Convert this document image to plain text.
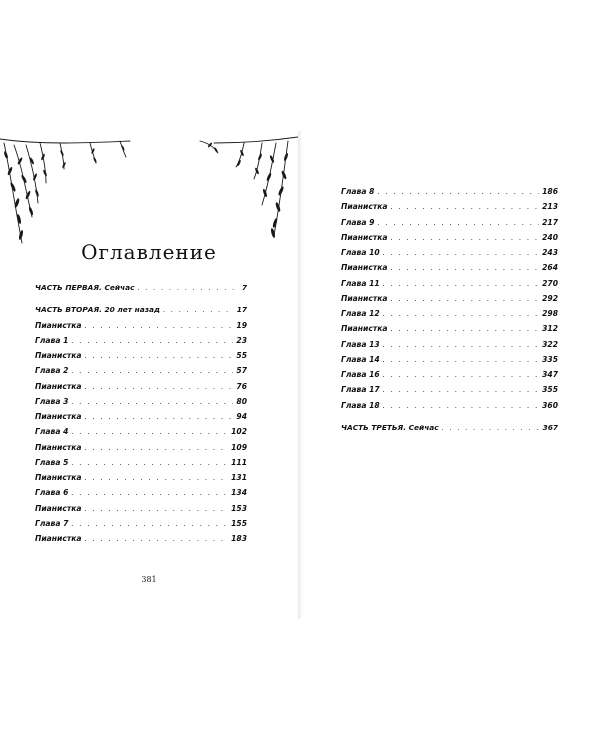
Оглавление
ЧАСТЬ ПЕРВАЯ. Сейчас . . .	7
ЧАСТЬ ВТОРАЯ. 20 лет назад . . .	17
Пианистка . . .	19
Глава 1 . . .	23
Пианистка . . .	55
Глава 2 . . .	57
Пианистка . . .	76
Глава 3 . . .	80
Пианистка . . .	94
Глава 4 . . .	102
Пианистка . . .	109
Глава 5 . . .	111
Пианистка . . .	131
Глава 6 . . .	134
Пианистка . . .	153
Глава 7 . . .	155
Пианистка . . .	183
381
Глава 8 . . .	186
Пианистка . . .	213
Глава 9 . . .	217
Пианистка . . .	240
Глава 10 . . .	243
Пианистка . . .	264
Глава 11 . . .	270
Пианистка . . .	292
Глава 12 . . .	298
Пианистка . . .	312
Глава 13 . . .	322
Глава 14 . . .	335
Глава 16 . . .	347
Глава 17 . . .	355
Глава 18 . . .	360
ЧАСТЬ ТРЕТЬЯ. Сейчас . . .	367
